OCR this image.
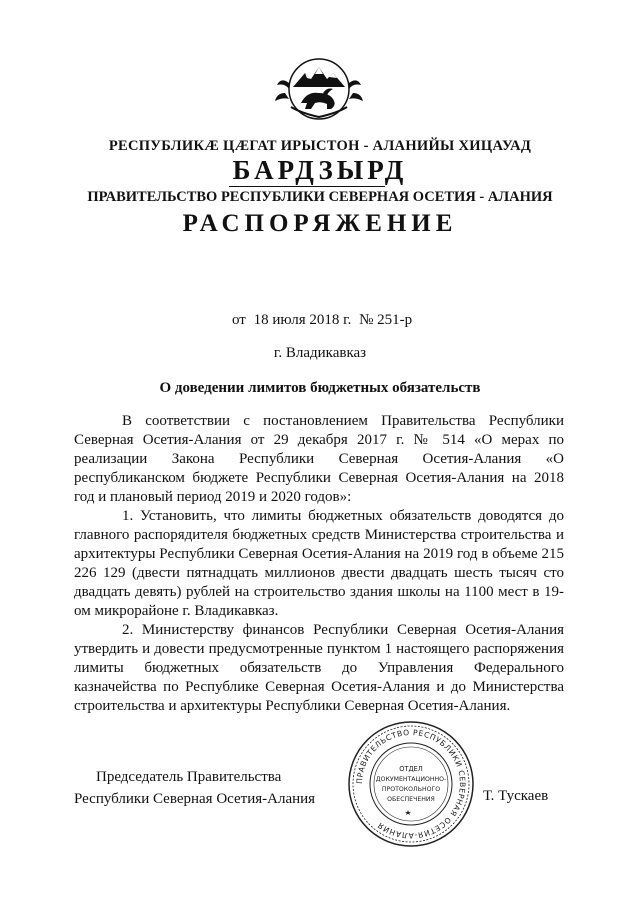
РЕСПУБЛИКӔ ЦӔГАТ ИРЫСТОН - АЛАНИЙЫ ХИЦАУАД
БАРДЗЫРД
ПРАВИТЕЛЬСТВО РЕСПУБЛИКИ СЕВЕРНАЯ ОСЕТИЯ - АЛАНИЯ
РАСПОРЯЖЕНИЕ
от 18 июля 2018 г. № 251-р
г. Владикавказ
О доведении лимитов бюджетных обязательств

В соответствии с постановлением Правительства Республики Северная Осетия-Алания от 29 декабря 2017 г. № 514 «О мерах по реализации Закона Республики Северная Осетия-Алания «О республиканском бюджете Республики Северная Осетия-Алания на 2018 год и плановый период 2019 и 2020 годов»:

1. Установить, что лимиты бюджетных обязательств доводятся до главного распорядителя бюджетных средств Министерства строительства и архитектуры Республики Северная Осетия-Алания на 2019 год в объеме 215 226 129 (двести пятнадцать миллионов двести двадцать шесть тысяч сто двадцать девять) рублей на строительство здания школы на 1100 мест в 19-ом микрорайоне г. Владикавказ.

2. Министерству финансов Республики Северная Осетия-Алания утвердить и довести предусмотренные пунктом 1 настоящего распоряжения лимиты бюджетных обязательств до Управления Федерального казначейства по Республике Северная Осетия-Алания и до Министерства строительства и архитектуры Республики Северная Осетия-Алания.

Председатель Правительства
Республики Северная Осетия-Алания
ПРАВИТЕЛЬСТВО РЕСПУБЛИКИ СЕВЕРНАЯ ОСЕТИЯ-АЛАНИЯ
ОТДЕЛ
ДОКУМЕНТАЦИОННО-
ПРОТОКОЛЬНОГО
ОБЕСПЕЧЕНИЯ	Т. Тускаев
